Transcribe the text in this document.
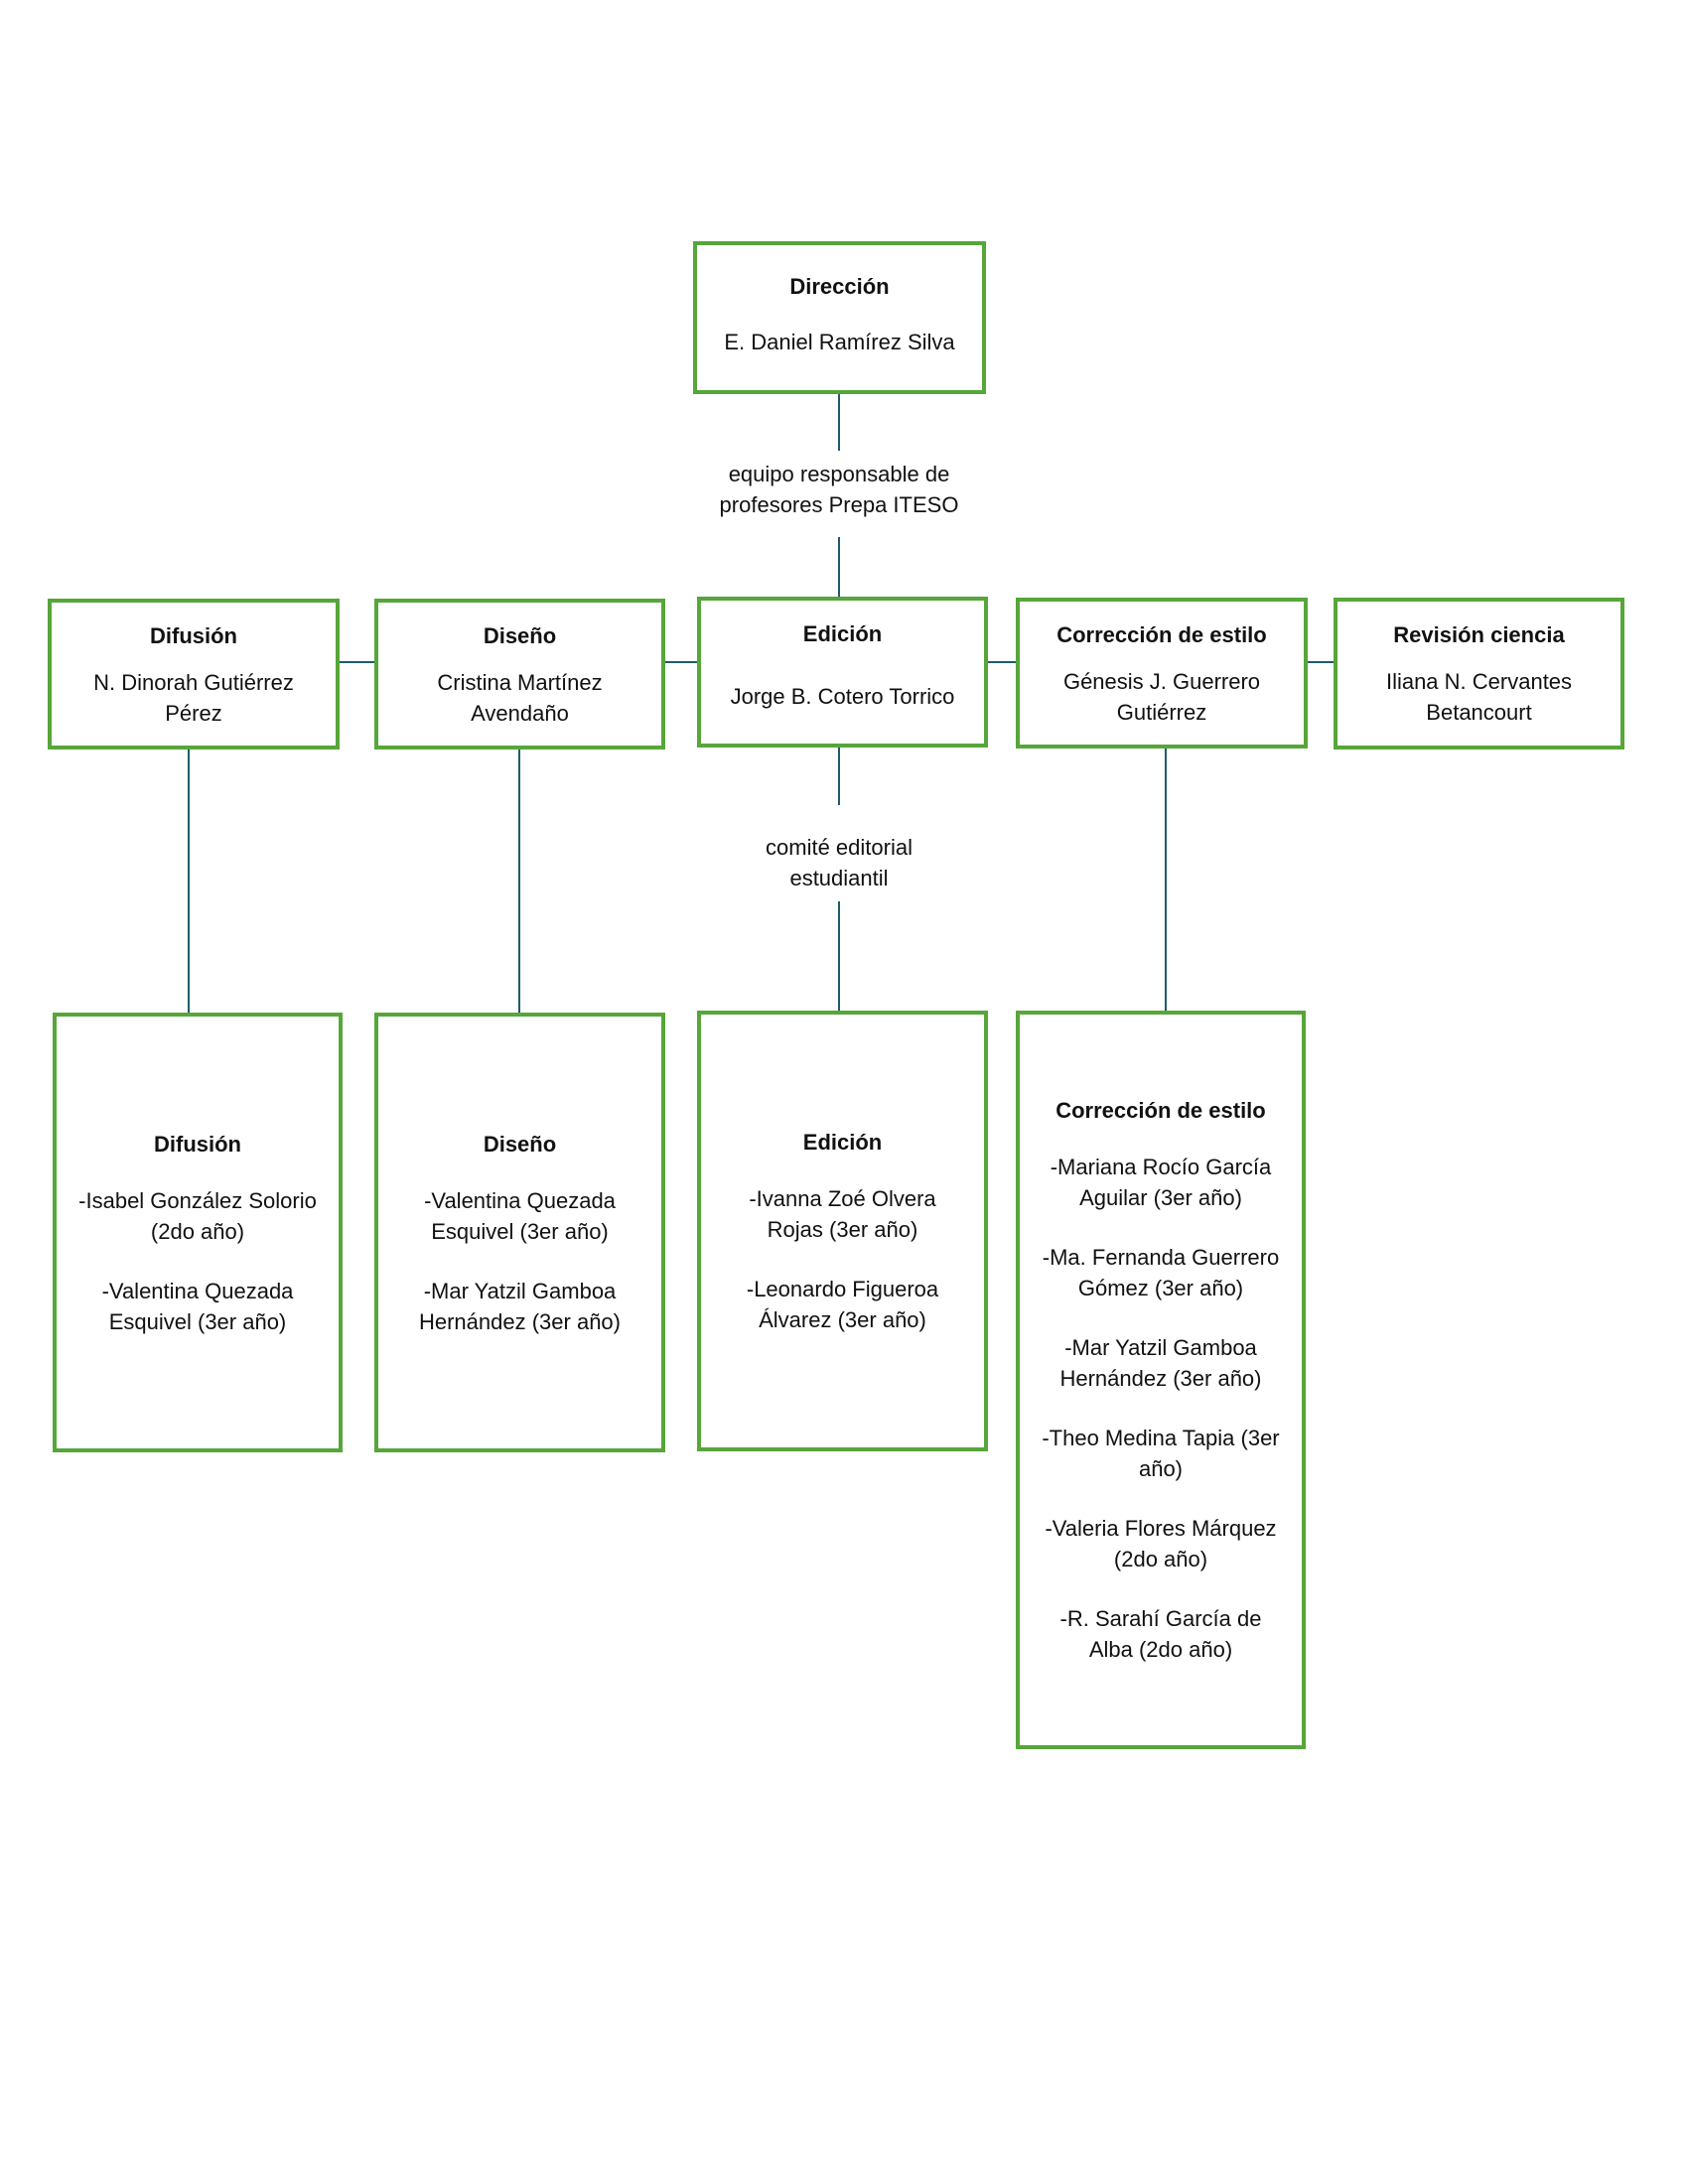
Dirección
E. Daniel Ramírez Silva
equipo responsable de
profesores Prepa ITESO
Difusión
N. Dinorah Gutiérrez Pérez
Diseño
Cristina Martínez Avendaño
Edición
Jorge B. Cotero Torrico
Corrección de estilo
Génesis J. Guerrero Gutiérrez
Revisión ciencia
Iliana N. Cervantes Betancourt
comité editorial
estudiantil
Difusión
-Isabel González Solorio (2do año)
-Valentina Quezada Esquivel (3er año)
Diseño
-Valentina Quezada Esquivel (3er año)
-Mar Yatzil Gamboa Hernández (3er año)
Edición
-Ivanna Zoé Olvera Rojas (3er año)
-Leonardo Figueroa Álvarez (3er año)
Corrección de estilo
-Mariana Rocío García Aguilar (3er año)
-Ma. Fernanda Guerrero Gómez (3er año)
-Mar Yatzil Gamboa Hernández (3er año)
-Theo Medina Tapia (3er año)
-Valeria Flores Márquez (2do año)
-R. Sarahí García de Alba (2do año)
